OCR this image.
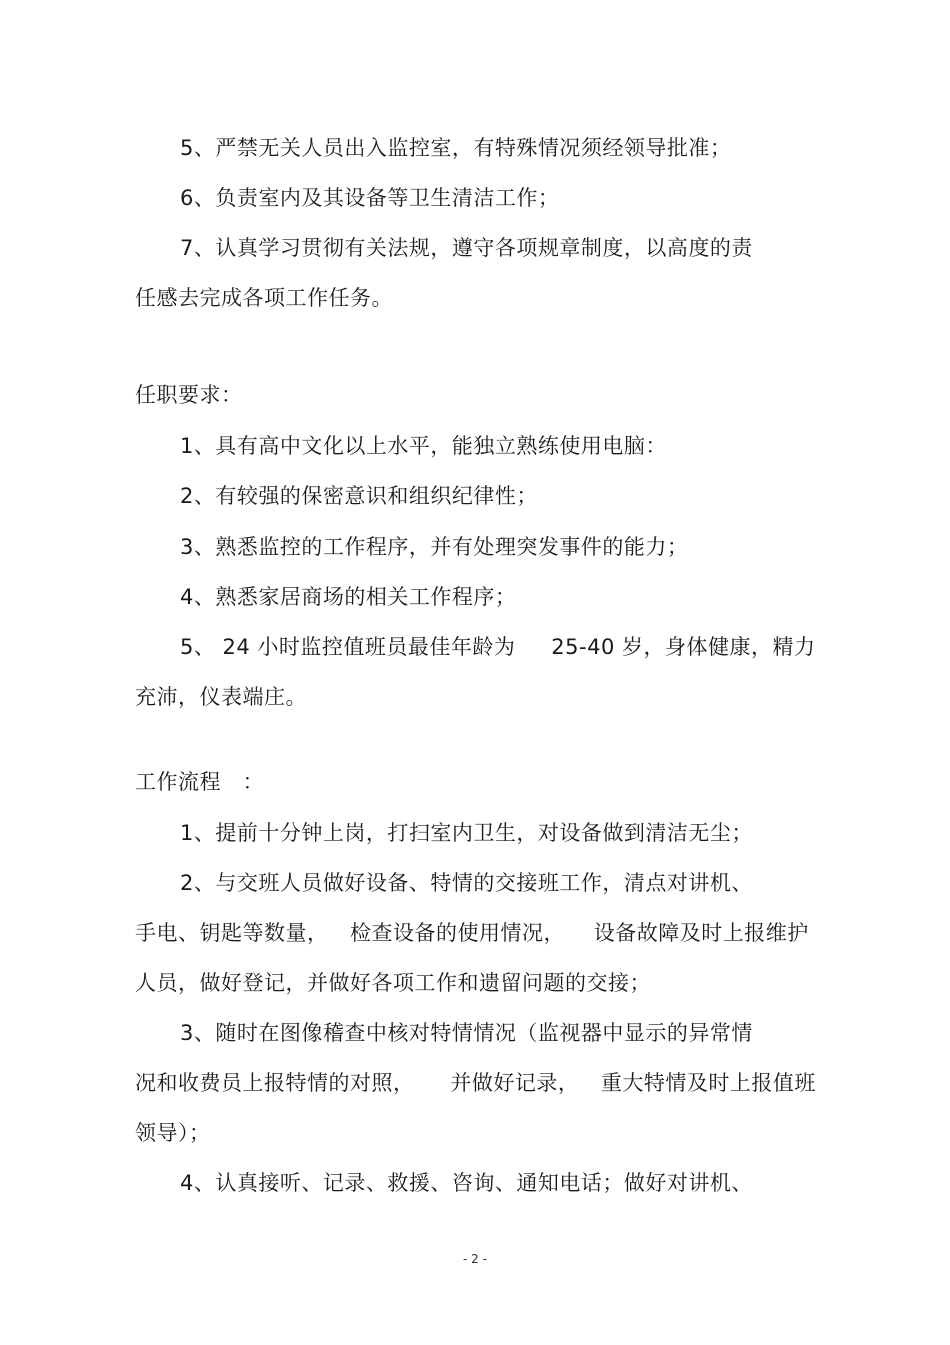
5、严禁无关人员出入监控室，有特殊情况须经领导批准；
6、负责室内及其设备等卫生清洁工作；
7、认真学习贯彻有关法规，遵守各项规章制度，以高度的责
任感去完成各项工作任务。
任职要求：
1、具有高中文化以上水平，能独立熟练使用电脑：
2、有较强的保密意识和组织纪律性；
3、熟悉监控的工作程序，并有处理突发事件的能力；
4、熟悉家居商场的相关工作程序；
5、 24 小时监控值班员最佳年龄为     25-40 岁，身体健康，精力
充沛，仪表端庄。
工作流程   ：
1、提前十分钟上岗，打扫室内卫生，对设备做到清洁无尘；
2、与交班人员做好设备、特情的交接班工作，清点对讲机、
手电、钥匙等数量，   检查设备的使用情况，    设备故障及时上报维护
人员，做好登记，并做好各项工作和遗留问题的交接；
3、随时在图像稽查中核对特情情况（监视器中显示的异常情
况和收费员上报特情的对照，     并做好记录，   重大特情及时上报值班
领导）；
4、认真接听、记录、救援、咨询、通知电话；做好对讲机、
- 2 -
